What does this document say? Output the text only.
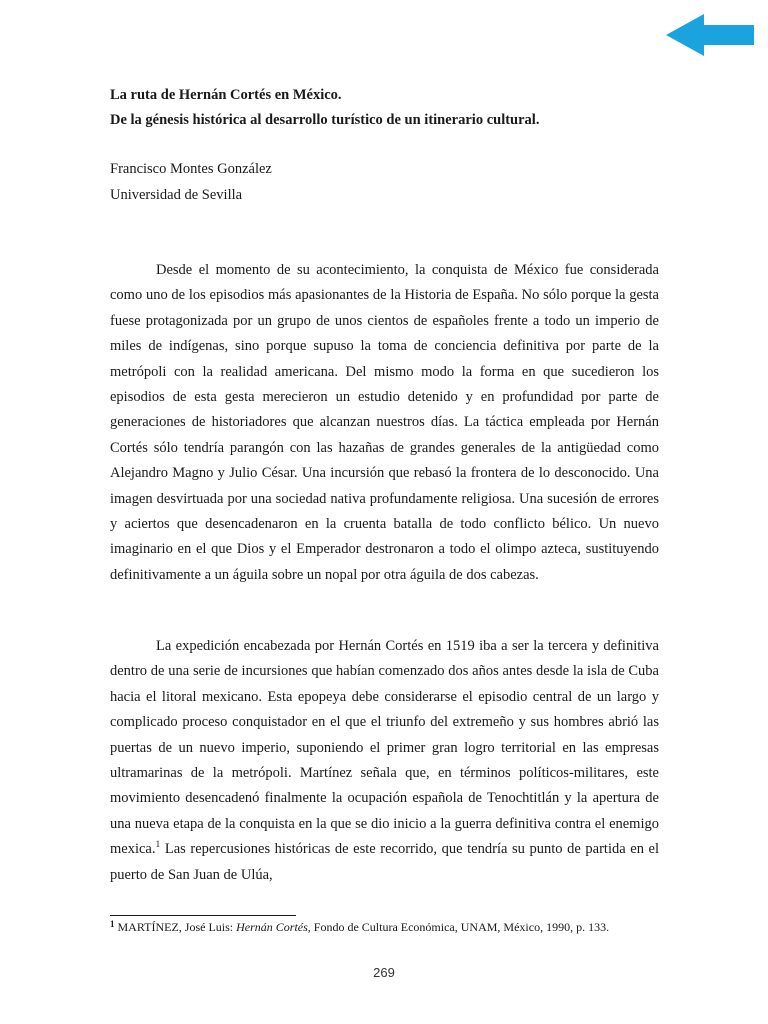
La ruta de Hernán Cortés en México.
De la génesis histórica al desarrollo turístico de un itinerario cultural.
Francisco Montes González
Universidad de Sevilla

Desde el momento de su acontecimiento, la conquista de México fue considerada como uno de los episodios más apasionantes de la Historia de España. No sólo porque la gesta fuese protagonizada por un grupo de unos cientos de españoles frente a todo un imperio de miles de indígenas, sino porque supuso la toma de conciencia definitiva por parte de la metrópoli con la realidad americana. Del mismo modo la forma en que sucedieron los episodios de esta gesta merecieron un estudio detenido y en profundidad por parte de generaciones de historiadores que alcanzan nuestros días. La táctica empleada por Hernán Cortés sólo tendría parangón con las hazañas de grandes generales de la antigüedad como Alejandro Magno y Julio César. Una incursión que rebasó la frontera de lo desconocido. Una imagen desvirtuada por una sociedad nativa profundamente religiosa. Una sucesión de errores y aciertos que desencadenaron en la cruenta batalla de todo conflicto bélico. Un nuevo imaginario en el que Dios y el Emperador destronaron a todo el olimpo azteca, sustituyendo definitivamente a un águila sobre un nopal por otra águila de dos cabezas.

La expedición encabezada por Hernán Cortés en 1519 iba a ser la tercera y definitiva dentro de una serie de incursiones que habían comenzado dos años antes desde la isla de Cuba hacia el litoral mexicano. Esta epopeya debe considerarse el episodio central de un largo y complicado proceso conquistador en el que el triunfo del extremeño y sus hombres abrió las puertas de un nuevo imperio, suponiendo el primer gran logro territorial en las empresas ultramarinas de la metrópoli. Martínez señala que, en términos políticos-militares, este movimiento desencadenó finalmente la ocupación española de Tenochtitlán y la apertura de una nueva etapa de la conquista en la que se dio inicio a la guerra definitiva contra el enemigo mexica.$^1$ Las repercusiones históricas de este recorrido, que tendría su punto de partida en el puerto de San Juan de Ulúa,

$^1$ MARTÍNEZ, José Luis: Hernán Cortés, Fondo de Cultura Económica, UNAM, México, 1990, p. 133.
269
